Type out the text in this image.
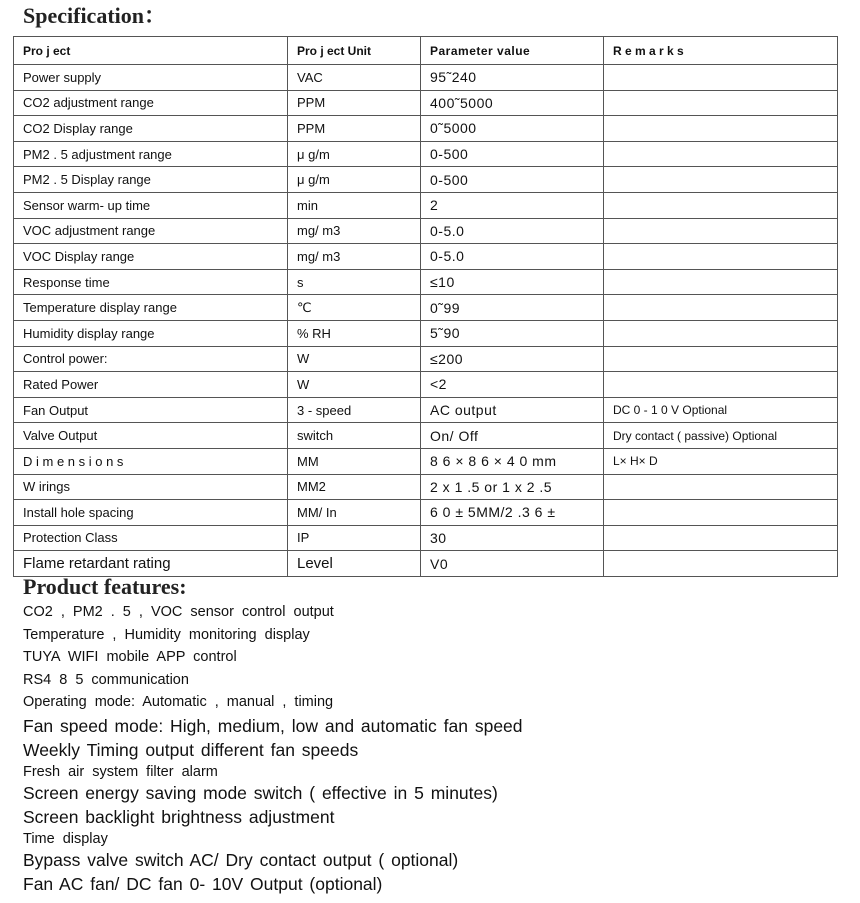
Specification：
Pro j ect	Pro j ect Unit	Parameter value	R e m a r k s
Power supply	VAC	95˜240	
CO2 adjustment range	PPM	400˜5000	
CO2 Display range	PPM	0˜5000	
PM2 . 5 adjustment range	μ g/m	0-500	
PM2 . 5 Display range	μ g/m	0-500	
Sensor warm- up time	min	2	
VOC adjustment range	mg/ m3	0-5.0	
VOC Display range	mg/ m3	0-5.0	
Response time	s	≤10	
Temperature display range	℃	0˜99	
Humidity display range	% RH	5˜90	
Control power:	W	≤200	
Rated Power	W	<2	
Fan Output	3 - speed	AC output	DC 0 - 1 0 V Optional
Valve Output	switch	On/ Off	Dry contact ( passive) Optional
D i m e n s i o n s	MM	8 6 × 8 6 × 4 0 mm	L× H× D
W irings	MM2	2 x 1 .5 or 1 x 2 .5	
Install hole spacing	MM/ In	6 0 ± 5MM/2 .3 6 ±	
Protection Class	IP	30	
Flame retardant rating	Level	V0	
Product features:

CO2 , PM2 . 5 , VOC sensor control output

Temperature , Humidity monitoring display

TUYA WIFI mobile APP control

RS4 8 5 communication

Operating mode: Automatic , manual , timing

Fan speed mode: High, medium, low and automatic fan speed

Weekly Timing output different fan speeds

Fresh air system filter alarm

Screen energy saving mode switch ( effective in 5 minutes)

Screen backlight brightness adjustment

Time display

Bypass valve switch AC/ Dry contact output ( optional)

Fan AC fan/ DC fan 0- 10V Output (optional)
